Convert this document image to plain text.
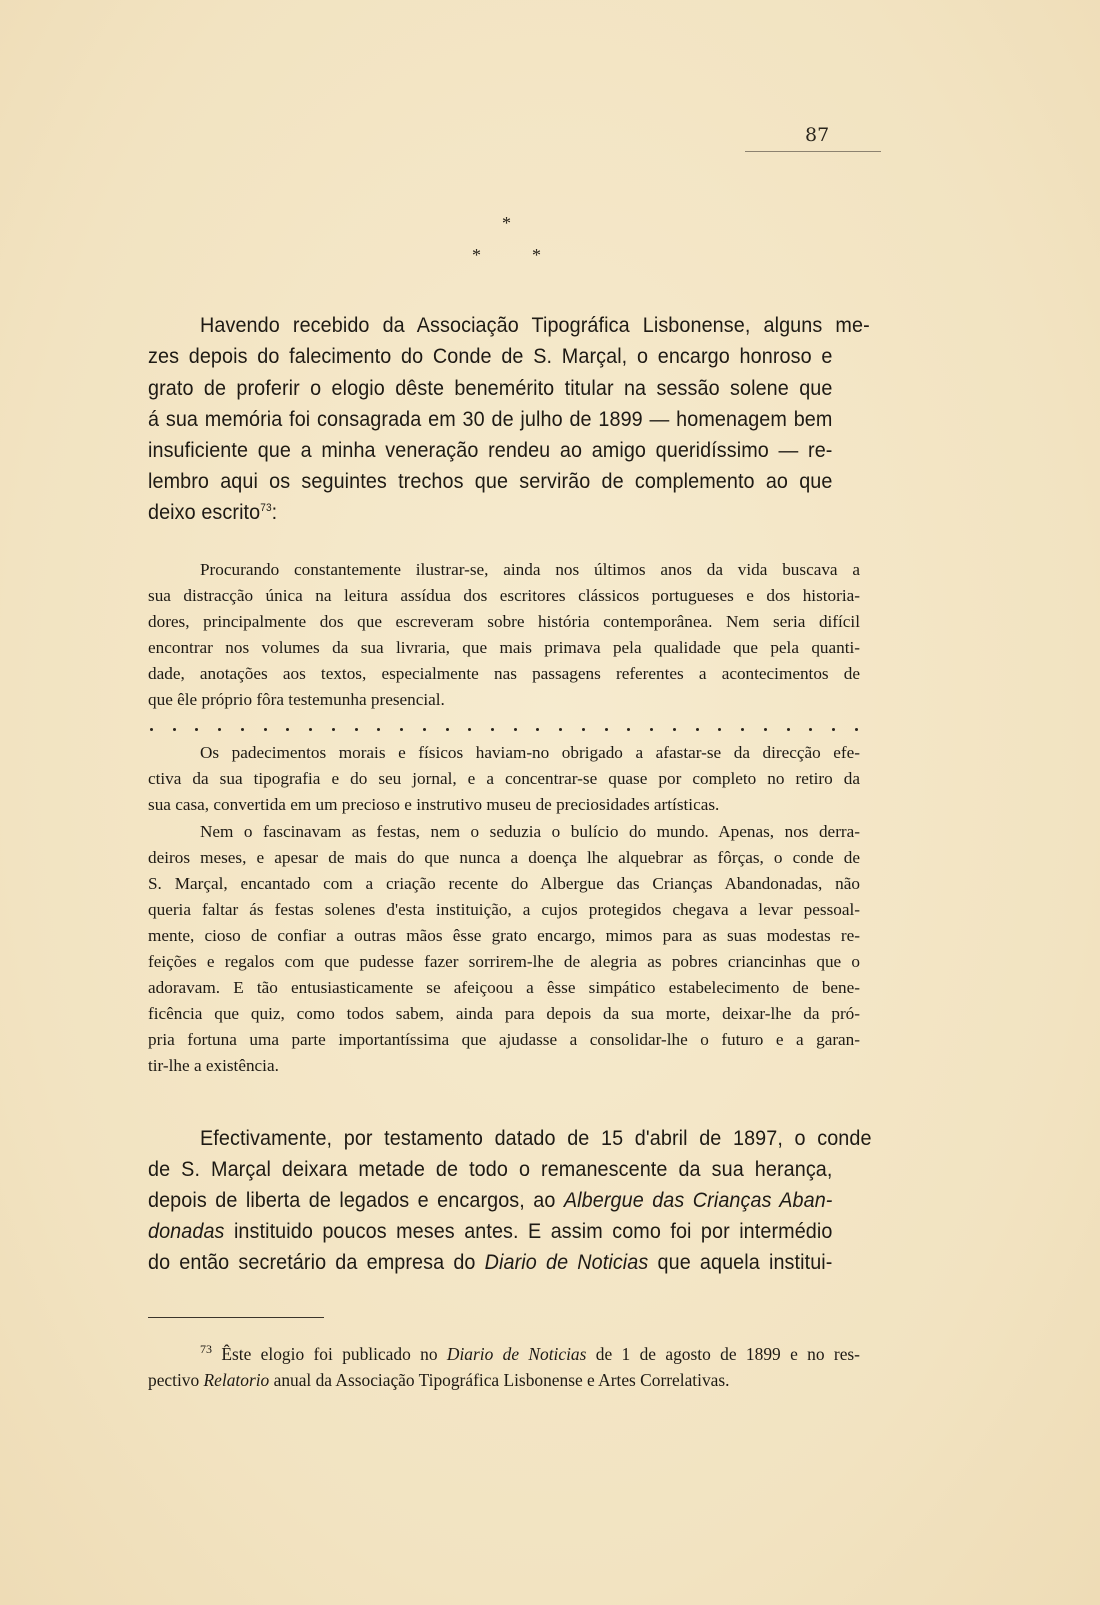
87
*
*	*
Havendo recebido da Associação Tipográfica Lisbonense, alguns me-
zes depois do falecimento do Conde de S. Marçal, o encargo honroso e
grato de proferir o elogio dêste benemérito titular na sessão solene que
á sua memória foi consagrada em 30 de julho de 1899 — homenagem bem
insuficiente que a minha veneração rendeu ao amigo queridíssimo — re-
lembro aqui os seguintes trechos que servirão de complemento ao que
deixo escrito$^{73}$:
Procurando constantemente ilustrar-se, ainda nos últimos anos da vida buscava a
sua distracção única na leitura assídua dos escritores clássicos portugueses e dos historia-
dores, principalmente dos que escreveram sobre história contemporânea. Nem seria difícil
encontrar nos volumes da sua livraria, que mais primava pela qualidade que pela quanti-
dade, anotações aos textos, especialmente nas passagens referentes a acontecimentos de
que êle próprio fôra testemunha presencial.
Os padecimentos morais e físicos haviam-no obrigado a afastar-se da direcção efe-
ctiva da sua tipografia e do seu jornal, e a concentrar-se quase por completo no retiro da
sua casa, convertida em um precioso e instrutivo museu de preciosidades artísticas.
Nem o fascinavam as festas, nem o seduzia o bulício do mundo. Apenas, nos derra-
deiros meses, e apesar de mais do que nunca a doença lhe alquebrar as fôrças, o conde de
S. Marçal, encantado com a criação recente do Albergue das Crianças Abandonadas, não
queria faltar ás festas solenes d'esta instituição, a cujos protegidos chegava a levar pessoal-
mente, cioso de confiar a outras mãos êsse grato encargo, mimos para as suas modestas re-
feições e regalos com que pudesse fazer sorrirem-lhe de alegria as pobres criancinhas que o
adoravam. E tão entusiasticamente se afeiçoou a êsse simpático estabelecimento de bene-
ficência que quiz, como todos sabem, ainda para depois da sua morte, deixar-lhe da pró-
pria fortuna uma parte importantíssima que ajudasse a consolidar-lhe o futuro e a garan-
tir-lhe a existência.
Efectivamente, por testamento datado de 15 d'abril de 1897, o conde
de S. Marçal deixara metade de todo o remanescente da sua herança,
depois de liberta de legados e encargos, ao Albergue das Crianças Aban-
donadas instituido poucos meses antes. E assim como foi por intermédio
do então secretário da empresa do Diario de Noticias que aquela institui-
$^{73}$ Êste elogio foi publicado no Diario de Noticias de 1 de agosto de 1899 e no res-
pectivo Relatorio anual da Associação Tipográfica Lisbonense e Artes Correlativas.
